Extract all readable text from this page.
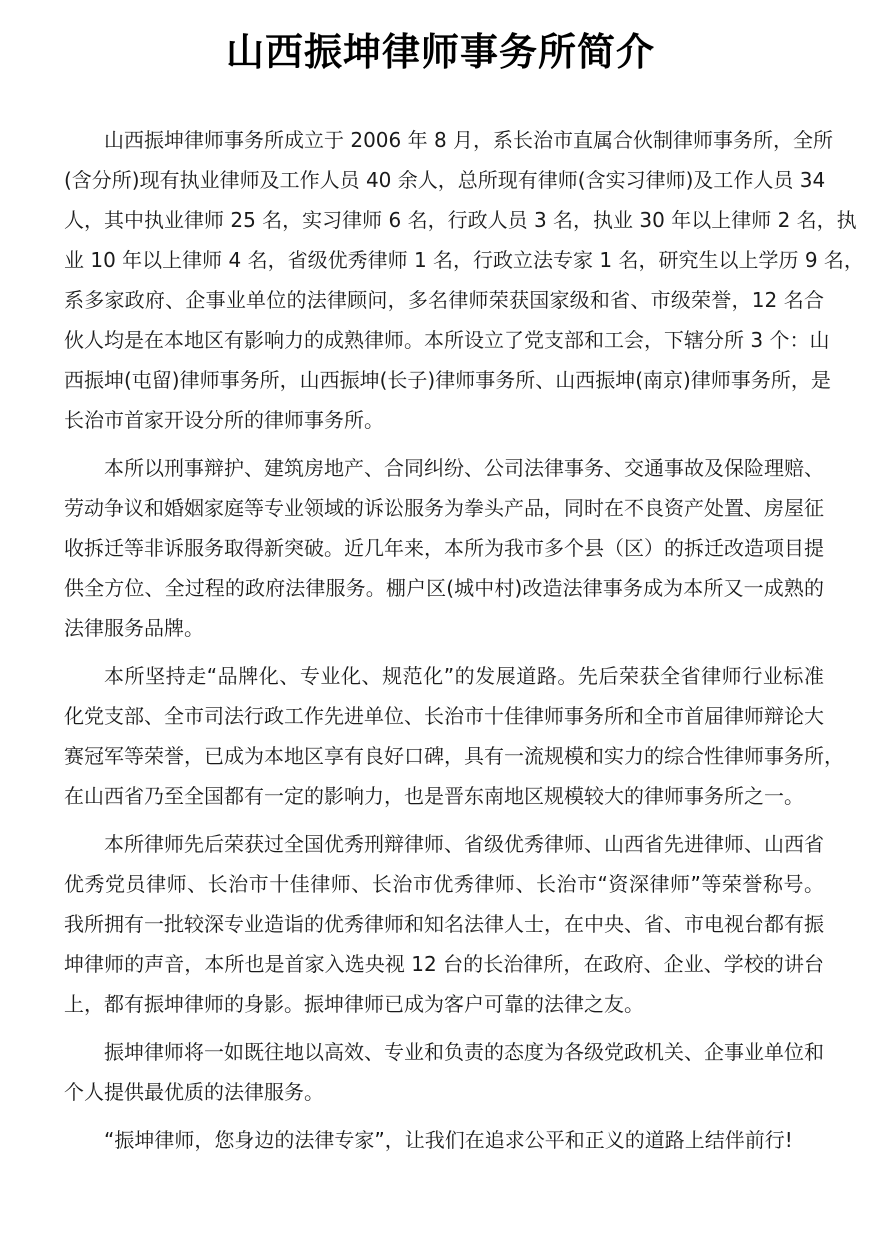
山西振坤律师事务所简介
山西振坤律师事务所成立于 2006 年 8 月，系长治市直属合伙制律师事务所，全所
(含分所)现有执业律师及工作人员 40 余人，总所现有律师(含实习律师)及工作人员 34
人，其中执业律师 25 名，实习律师 6 名，行政人员 3 名，执业 30 年以上律师 2 名，执
业 10 年以上律师 4 名，省级优秀律师 1 名，行政立法专家 1 名，研究生以上学历 9 名，
系多家政府、企事业单位的法律顾问，多名律师荣获国家级和省、市级荣誉，12 名合
伙人均是在本地区有影响力的成熟律师。本所设立了党支部和工会，下辖分所 3 个：山
西振坤(屯留)律师事务所，山西振坤(长子)律师事务所、山西振坤(南京)律师事务所，是
长治市首家开设分所的律师事务所。
本所以刑事辩护、建筑房地产、合同纠纷、公司法律事务、交通事故及保险理赔、
劳动争议和婚姻家庭等专业领域的诉讼服务为拳头产品，同时在不良资产处置、房屋征
收拆迁等非诉服务取得新突破。近几年来，本所为我市多个县（区）的拆迁改造项目提
供全方位、全过程的政府法律服务。棚户区(城中村)改造法律事务成为本所又一成熟的
法律服务品牌。
本所坚持走“品牌化、专业化、规范化”的发展道路。先后荣获全省律师行业标准
化党支部、全市司法行政工作先进单位、长治市十佳律师事务所和全市首届律师辩论大
赛冠军等荣誉，已成为本地区享有良好口碑，具有一流规模和实力的综合性律师事务所，
在山西省乃至全国都有一定的影响力，也是晋东南地区规模较大的律师事务所之一。
本所律师先后荣获过全国优秀刑辩律师、省级优秀律师、山西省先进律师、山西省
优秀党员律师、长治市十佳律师、长治市优秀律师、长治市“资深律师”等荣誉称号。
我所拥有一批较深专业造诣的优秀律师和知名法律人士，在中央、省、市电视台都有振
坤律师的声音，本所也是首家入选央视 12 台的长治律所，在政府、企业、学校的讲台
上，都有振坤律师的身影。振坤律师已成为客户可靠的法律之友。
振坤律师将一如既往地以高效、专业和负责的态度为各级党政机关、企事业单位和
个人提供最优质的法律服务。
“振坤律师，您身边的法律专家”，让我们在追求公平和正义的道路上结伴前行!
